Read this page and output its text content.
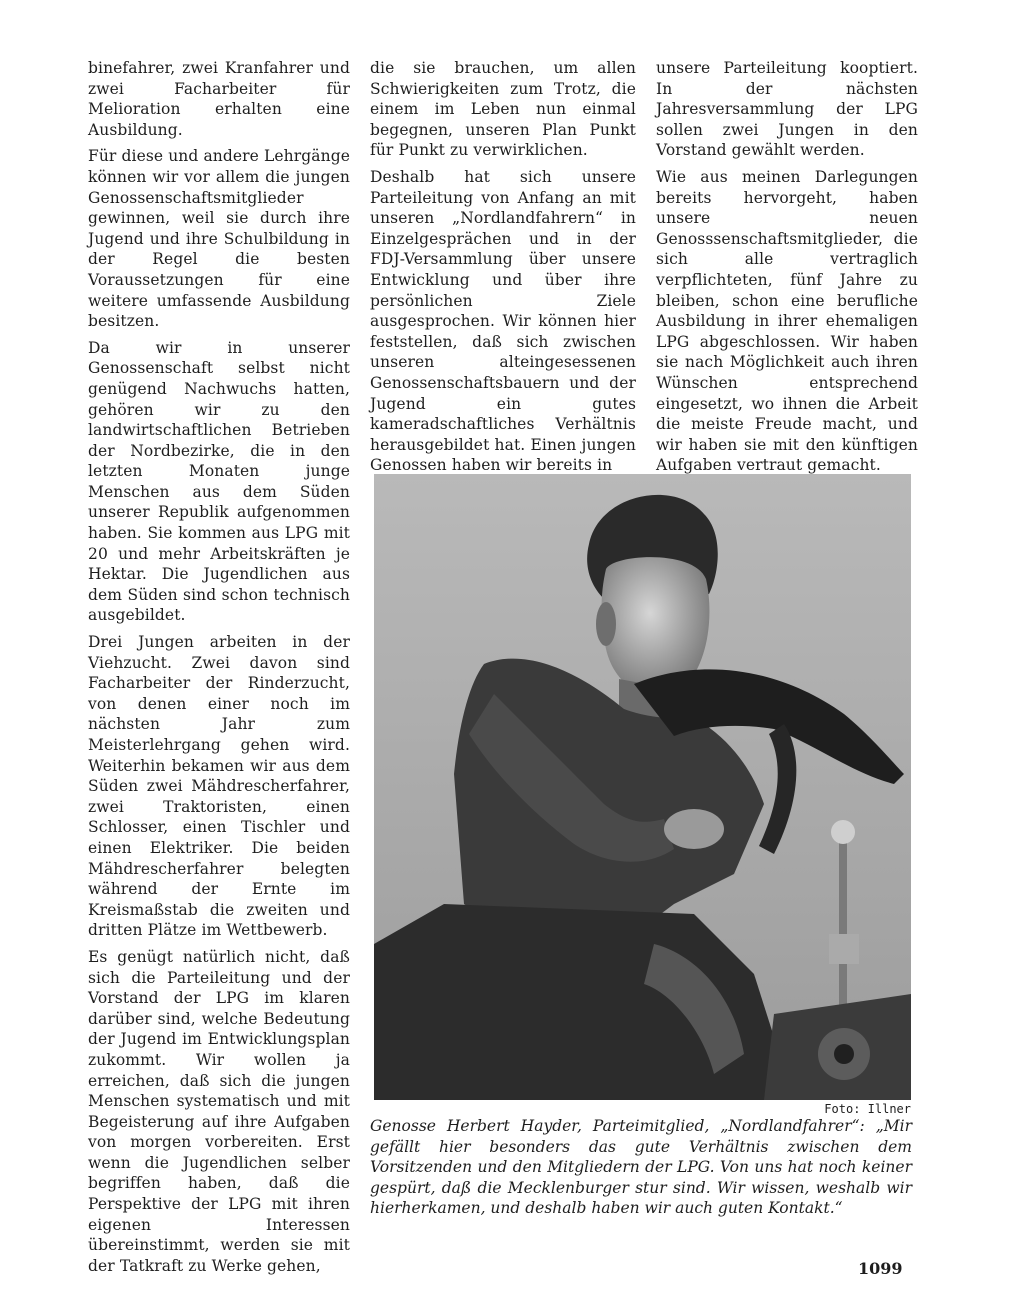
binefahrer, zwei Kranfahrer und zwei Facharbeiter für Melioration erhalten eine Ausbildung.

Für diese und andere Lehrgänge können wir vor allem die jungen Genossenschaftsmitglieder gewinnen, weil sie durch ihre Jugend und ihre Schulbildung in der Regel die besten Voraussetzungen für eine weitere umfassende Ausbildung besitzen.

Da wir in unserer Genossenschaft selbst nicht genügend Nachwuchs hatten, gehören wir zu den landwirtschaftlichen Betrieben der Nordbezirke, die in den letzten Monaten junge Menschen aus dem Süden unserer Republik aufgenommen haben. Sie kommen aus LPG mit 20 und mehr Arbeitskräften je Hektar. Die Jugendlichen aus dem Süden sind schon technisch ausgebildet.

Drei Jungen arbeiten in der Viehzucht. Zwei davon sind Facharbeiter der Rinderzucht, von denen einer noch im nächsten Jahr zum Meisterlehrgang gehen wird. Weiterhin bekamen wir aus dem Süden zwei Mähdrescherfahrer, zwei Traktoristen, einen Schlosser, einen Tischler und einen Elektriker. Die beiden Mähdrescherfahrer belegten während der Ernte im Kreismaßstab die zweiten und dritten Plätze im Wettbewerb.

Es genügt natürlich nicht, daß sich die Parteileitung und der Vorstand der LPG im klaren darüber sind, welche Bedeutung der Jugend im Entwicklungsplan zukommt. Wir wollen ja erreichen, daß sich die jungen Menschen systematisch und mit Begeisterung auf ihre Aufgaben von morgen vorbereiten. Erst wenn die Jugendlichen selber begriffen haben, daß die Perspektive der LPG mit ihren eigenen Interessen übereinstimmt, werden sie mit der Tatkraft zu Werke gehen,

die sie brauchen, um allen Schwierigkeiten zum Trotz, die einem im Leben nun einmal begegnen, unseren Plan Punkt für Punkt zu verwirklichen.

Deshalb hat sich unsere Parteileitung von Anfang an mit unseren „Nordlandfahrern“ in Einzelgesprächen und in der FDJ-Versammlung über unsere Entwicklung und über ihre persönlichen Ziele ausgesprochen. Wir können hier feststellen, daß sich zwischen unseren alteingesessenen Genossenschaftsbauern und der Jugend ein gutes kameradschaftliches Verhältnis herausgebildet hat. Einen jungen Genossen haben wir bereits in

unsere Parteileitung kooptiert. In der nächsten Jahresversammlung der LPG sollen zwei Jungen in den Vorstand gewählt werden.

Wie aus meinen Darlegungen bereits hervorgeht, haben unsere neuen Genosssenschaftsmitglieder, die sich alle vertraglich verpflichteten, fünf Jahre zu bleiben, schon eine berufliche Ausbildung in ihrer ehemaligen LPG abgeschlossen. Wir haben sie nach Möglichkeit auch ihren Wünschen entsprechend eingesetzt, wo ihnen die Arbeit die meiste Freude macht, und wir haben sie mit den künftigen Aufgaben vertraut gemacht.

Foto: Illner
Genosse Herbert Hayder, Parteimitglied, „Nordlandfahrer“: „Mir gefällt hier besonders das gute Verhältnis zwischen dem Vorsitzenden und den Mitgliedern der LPG. Von uns hat noch keiner gespürt, daß die Mecklenburger stur sind. Wir wissen, weshalb wir hierherkamen, und deshalb haben wir auch guten Kontakt.“
1099
